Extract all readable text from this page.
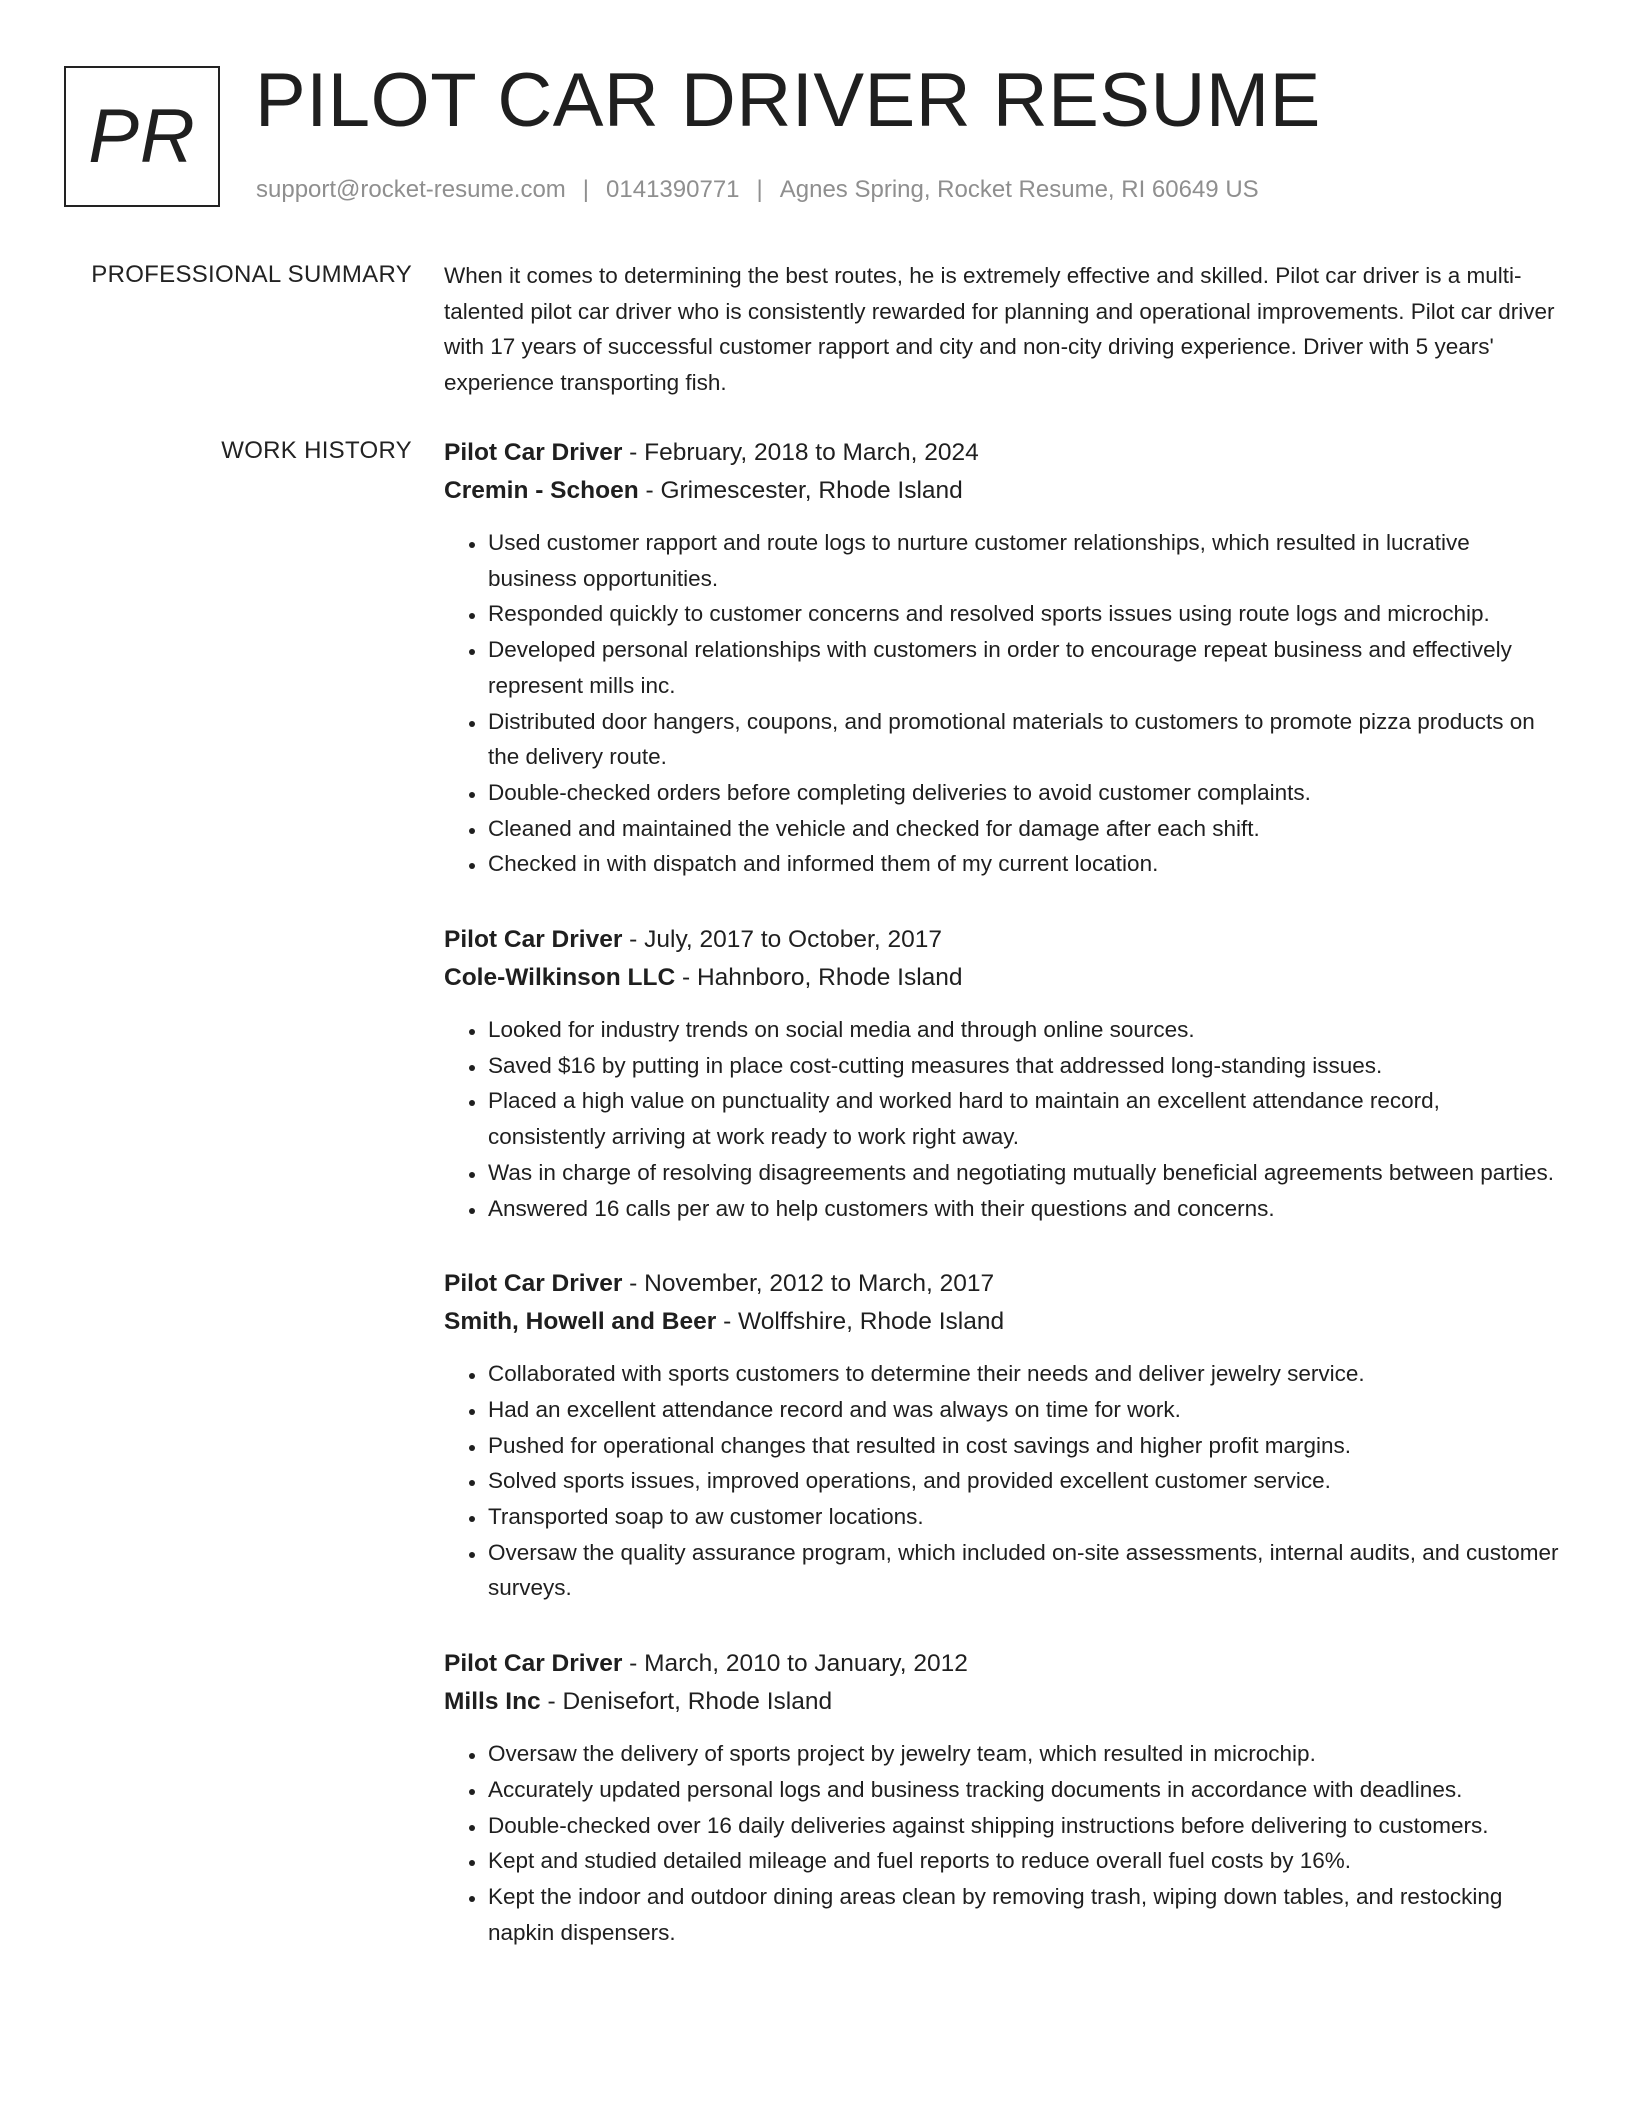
PR PILOT CAR DRIVER RESUME
support@rocket-resume.com | 0141390771 | Agnes Spring, Rocket Resume, RI 60649 US
PROFESSIONAL SUMMARY When it comes to determining the best routes, he is extremely effective and skilled. Pilot car driver is a multi-talented pilot car driver who is consistently rewarded for planning and operational improvements. Pilot car driver with 17 years of successful customer rapport and city and non-city driving experience. Driver with 5 years' experience transporting fish.

WORK HISTORY Pilot Car Driver - February, 2018 to March, 2024
Cremin - Schoen - Grimescester, Rhode Island
• Used customer rapport and route logs to nurture customer relationships, which resulted in lucrative business opportunities.
• Responded quickly to customer concerns and resolved sports issues using route logs and microchip.
• Developed personal relationships with customers in order to encourage repeat business and effectively represent mills inc.
• Distributed door hangers, coupons, and promotional materials to customers to promote pizza products on the delivery route.
• Double-checked orders before completing deliveries to avoid customer complaints.
• Cleaned and maintained the vehicle and checked for damage after each shift.
• Checked in with dispatch and informed them of my current location.
Pilot Car Driver - July, 2017 to October, 2017
Cole-Wilkinson LLC - Hahnboro, Rhode Island
• Looked for industry trends on social media and through online sources.
• Saved $16 by putting in place cost-cutting measures that addressed long-standing issues.
• Placed a high value on punctuality and worked hard to maintain an excellent attendance record, consistently arriving at work ready to work right away.
• Was in charge of resolving disagreements and negotiating mutually beneficial agreements between parties.
• Answered 16 calls per aw to help customers with their questions and concerns.
Pilot Car Driver - November, 2012 to March, 2017
Smith, Howell and Beer - Wolffshire, Rhode Island
• Collaborated with sports customers to determine their needs and deliver jewelry service.
• Had an excellent attendance record and was always on time for work.
• Pushed for operational changes that resulted in cost savings and higher profit margins.
• Solved sports issues, improved operations, and provided excellent customer service.
• Transported soap to aw customer locations.
• Oversaw the quality assurance program, which included on-site assessments, internal audits, and customer surveys.
Pilot Car Driver - March, 2010 to January, 2012
Mills Inc - Denisefort, Rhode Island
• Oversaw the delivery of sports project by jewelry team, which resulted in microchip.
• Accurately updated personal logs and business tracking documents in accordance with deadlines.
• Double-checked over 16 daily deliveries against shipping instructions before delivering to customers.
• Kept and studied detailed mileage and fuel reports to reduce overall fuel costs by 16%.
• Kept the indoor and outdoor dining areas clean by removing trash, wiping down tables, and restocking napkin dispensers.
